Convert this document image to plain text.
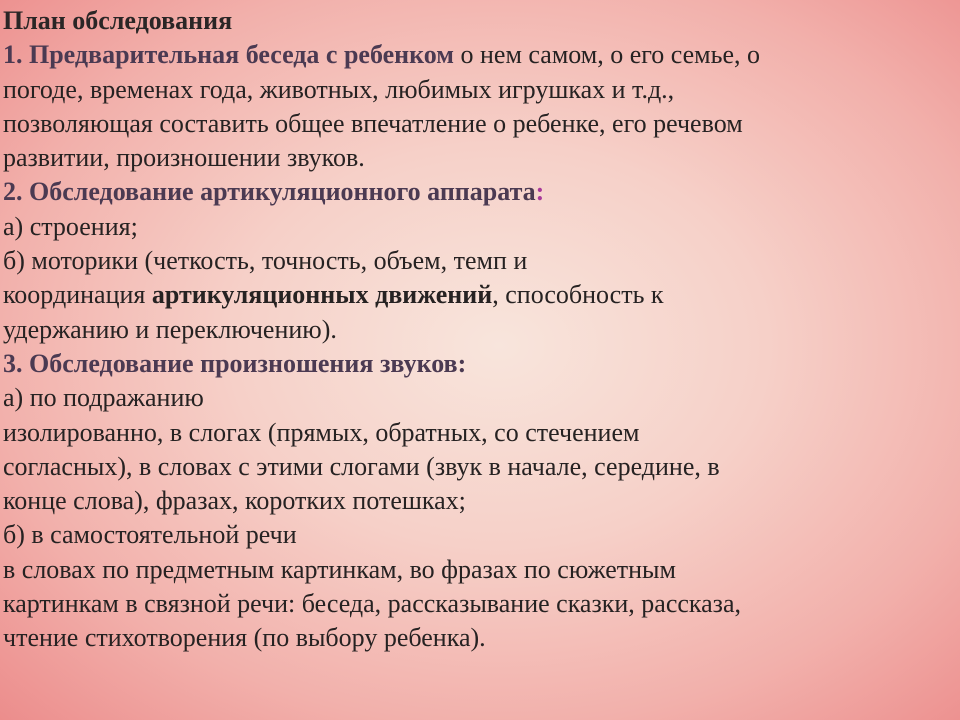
План обследования

1. Предварительная беседа с ребенком о нем самом, о его семье, о

погоде, временах года, животных, любимых игрушках и т.д.,

позволяющая составить общее впечатление о ребенке, его речевом

развитии, произношении звуков.

2. Обследование артикуляционного аппарата:

а) строения;

б) моторики (четкость, точность, объем, темп и

координация артикуляционных движений, способность к

удержанию и переключению).

3. Обследование произношения звуков:

а) по подражанию

изолированно, в слогах (прямых, обратных, со стечением

согласных), в словах с этими слогами (звук в начале, середине, в

конце слова), фразах, коротких потешках;

б) в самостоятельной речи

в словах по предметным картинкам, во фразах по сюжетным

картинкам в связной речи: беседа, рассказывание сказки, рассказа,

чтение стихотворения (по выбору ребенка).
